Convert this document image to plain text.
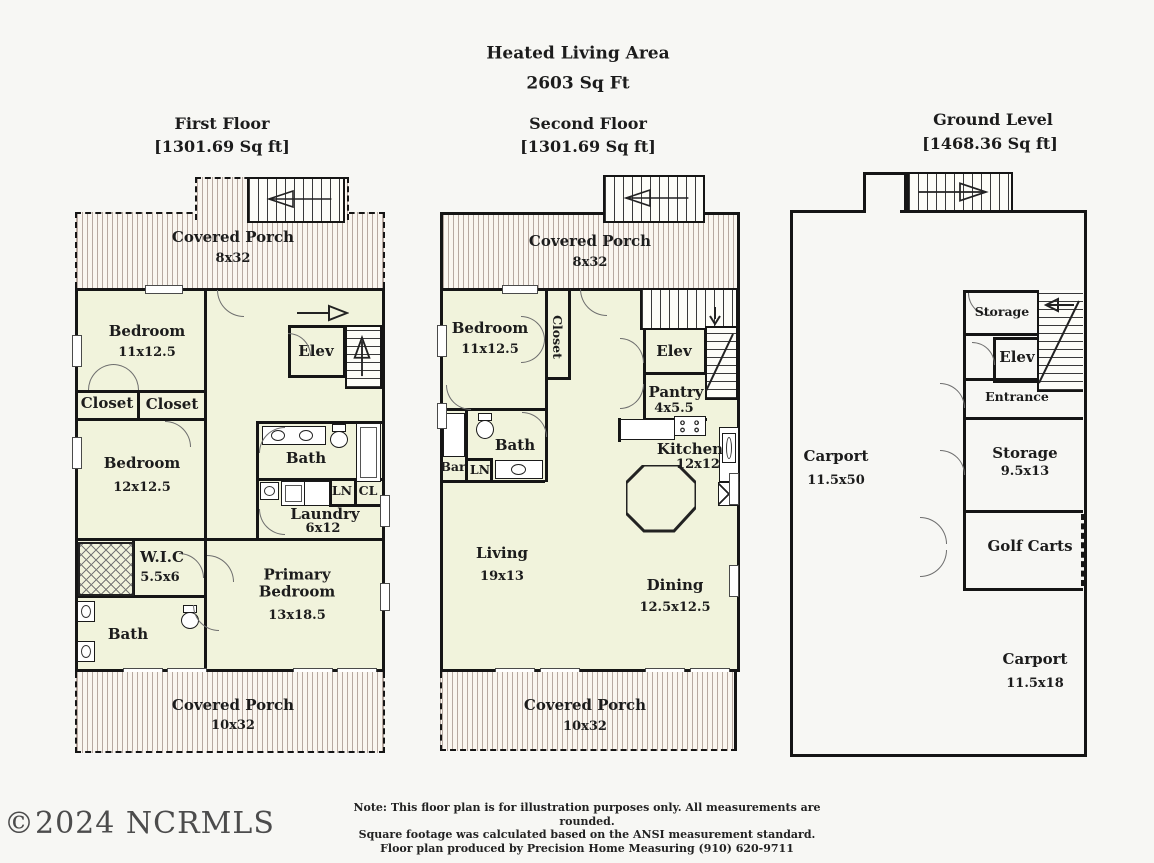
Heated Living Area
2603 Sq Ft
First Floor
[1301.69 Sq ft]
Second Floor
[1301.69 Sq ft]
Ground Level
[1468.36 Sq ft]
Covered Porch
8x32
Elev
Bedroom
11x12.5
Closet Closet
Bedroom
12x12.5
Bath
LN CL
Laundry
6x12
W.I.C
5.5x6
Bath
Primary Bedroom
13x18.5
Covered Porch
10x32
Covered Porch
8x32
Elev
Pantry
4x5.5
Bedroom
11x12.5 Closet
Bath
Bar LN
Kitchen
12x12
Living
19x13	Dining
12.5x12.5
Covered Porch
10x32
Carport
11.5x50
Storage
Elev
Entrance
Storage
9.5x13
Golf Carts
Carport
11.5x18
©2024 NCRMLS	Note: This floor plan is for illustration purposes only. All measurements are rounded.
Square footage was calculated based on the ANSI measurement standard.
Floor plan produced by Precision Home Measuring (910) 620-9711
